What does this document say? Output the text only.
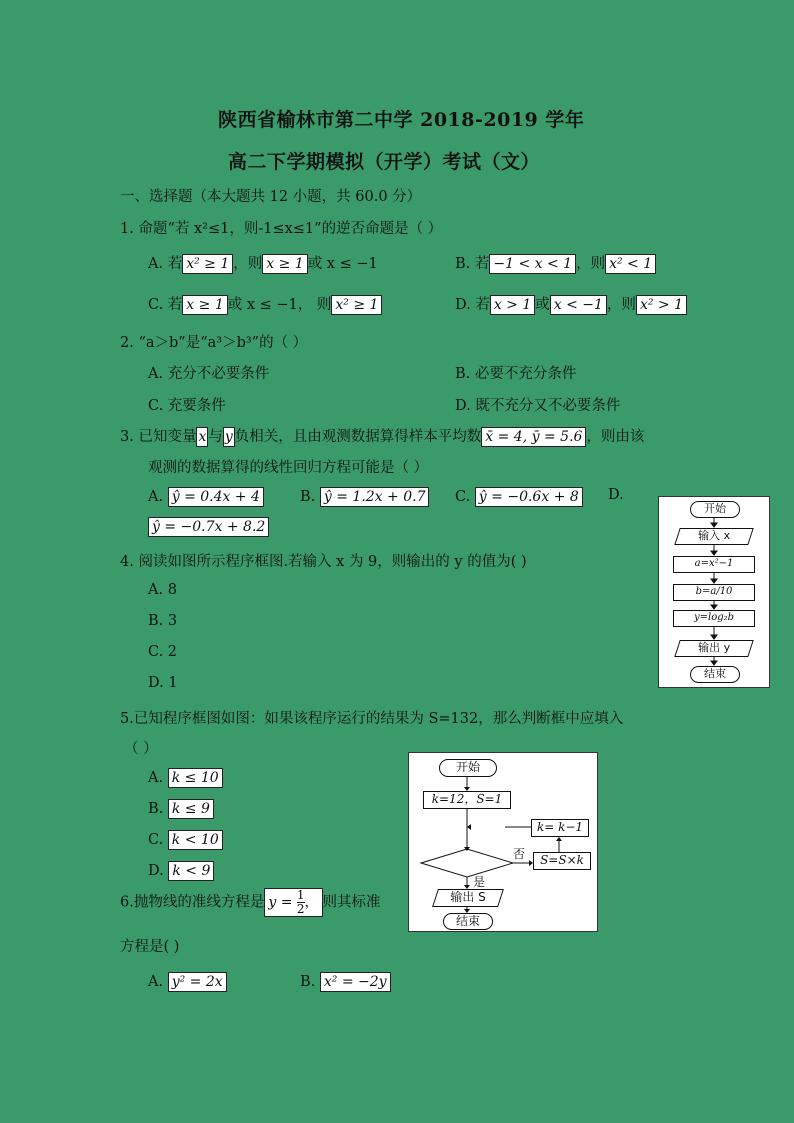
陕西省榆林市第二中学 2018-2019 学年
高二下学期模拟（开学）考试（文）
一、选择题（本大题共 12 小题，共 60.0 分）
1. 命题“若 x²≤1，则-1≤x≤1”的逆否命题是（ ）
A. 若 x² ≥ 1 ，则 x ≥ 1 或 x ≤ −1	B. 若 −1 < x < 1 ，则 x² < 1
C. 若 x ≥ 1 或 x ≤ −1， 则 x² ≥ 1	D. 若 x > 1 或 x < −1 ，则 x² > 1
2. “a＞b”是“a³＞b³”的（ ）
A. 充分不必要条件	B. 必要不充分条件
C. 充要条件	D. 既不充分又不必要条件
3. 已知变量 x 与 y 负相关，且由观测数据算得样本平均数 x̄ = 4, ȳ = 5.6 ，则由该
观测的数据算得的线性回归方程可能是（ ）
A. ŷ = 0.4x + 4	B. ŷ = 1.2x + 0.7 C. ŷ = −0.6x + 8 D.
ŷ = −0.7x + 8.2
4. 阅读如图所示程序框图.若输入 x 为 9，则输出的 y 的值为( )
A. 8
B. 3
C. 2
D. 1
开始
输入 x
a=x²−1
b=a/10
y=log₂b
输出 y
结束
5.已知程序框图如图：如果该程序运行的结果为 S=132，那么判断框中应填入
（ ）
A. k ≤ 10
B. k ≤ 9
C. k < 10
D. k < 9
开始
k=12，S=1
k= k−1
S=S×k
否
是
输出 S
结束
6.抛物线的准线方程是 $y = \frac{1}{2}$ ， 则其标准
方程是( )
A. y² = 2x	B. x² = −2y
